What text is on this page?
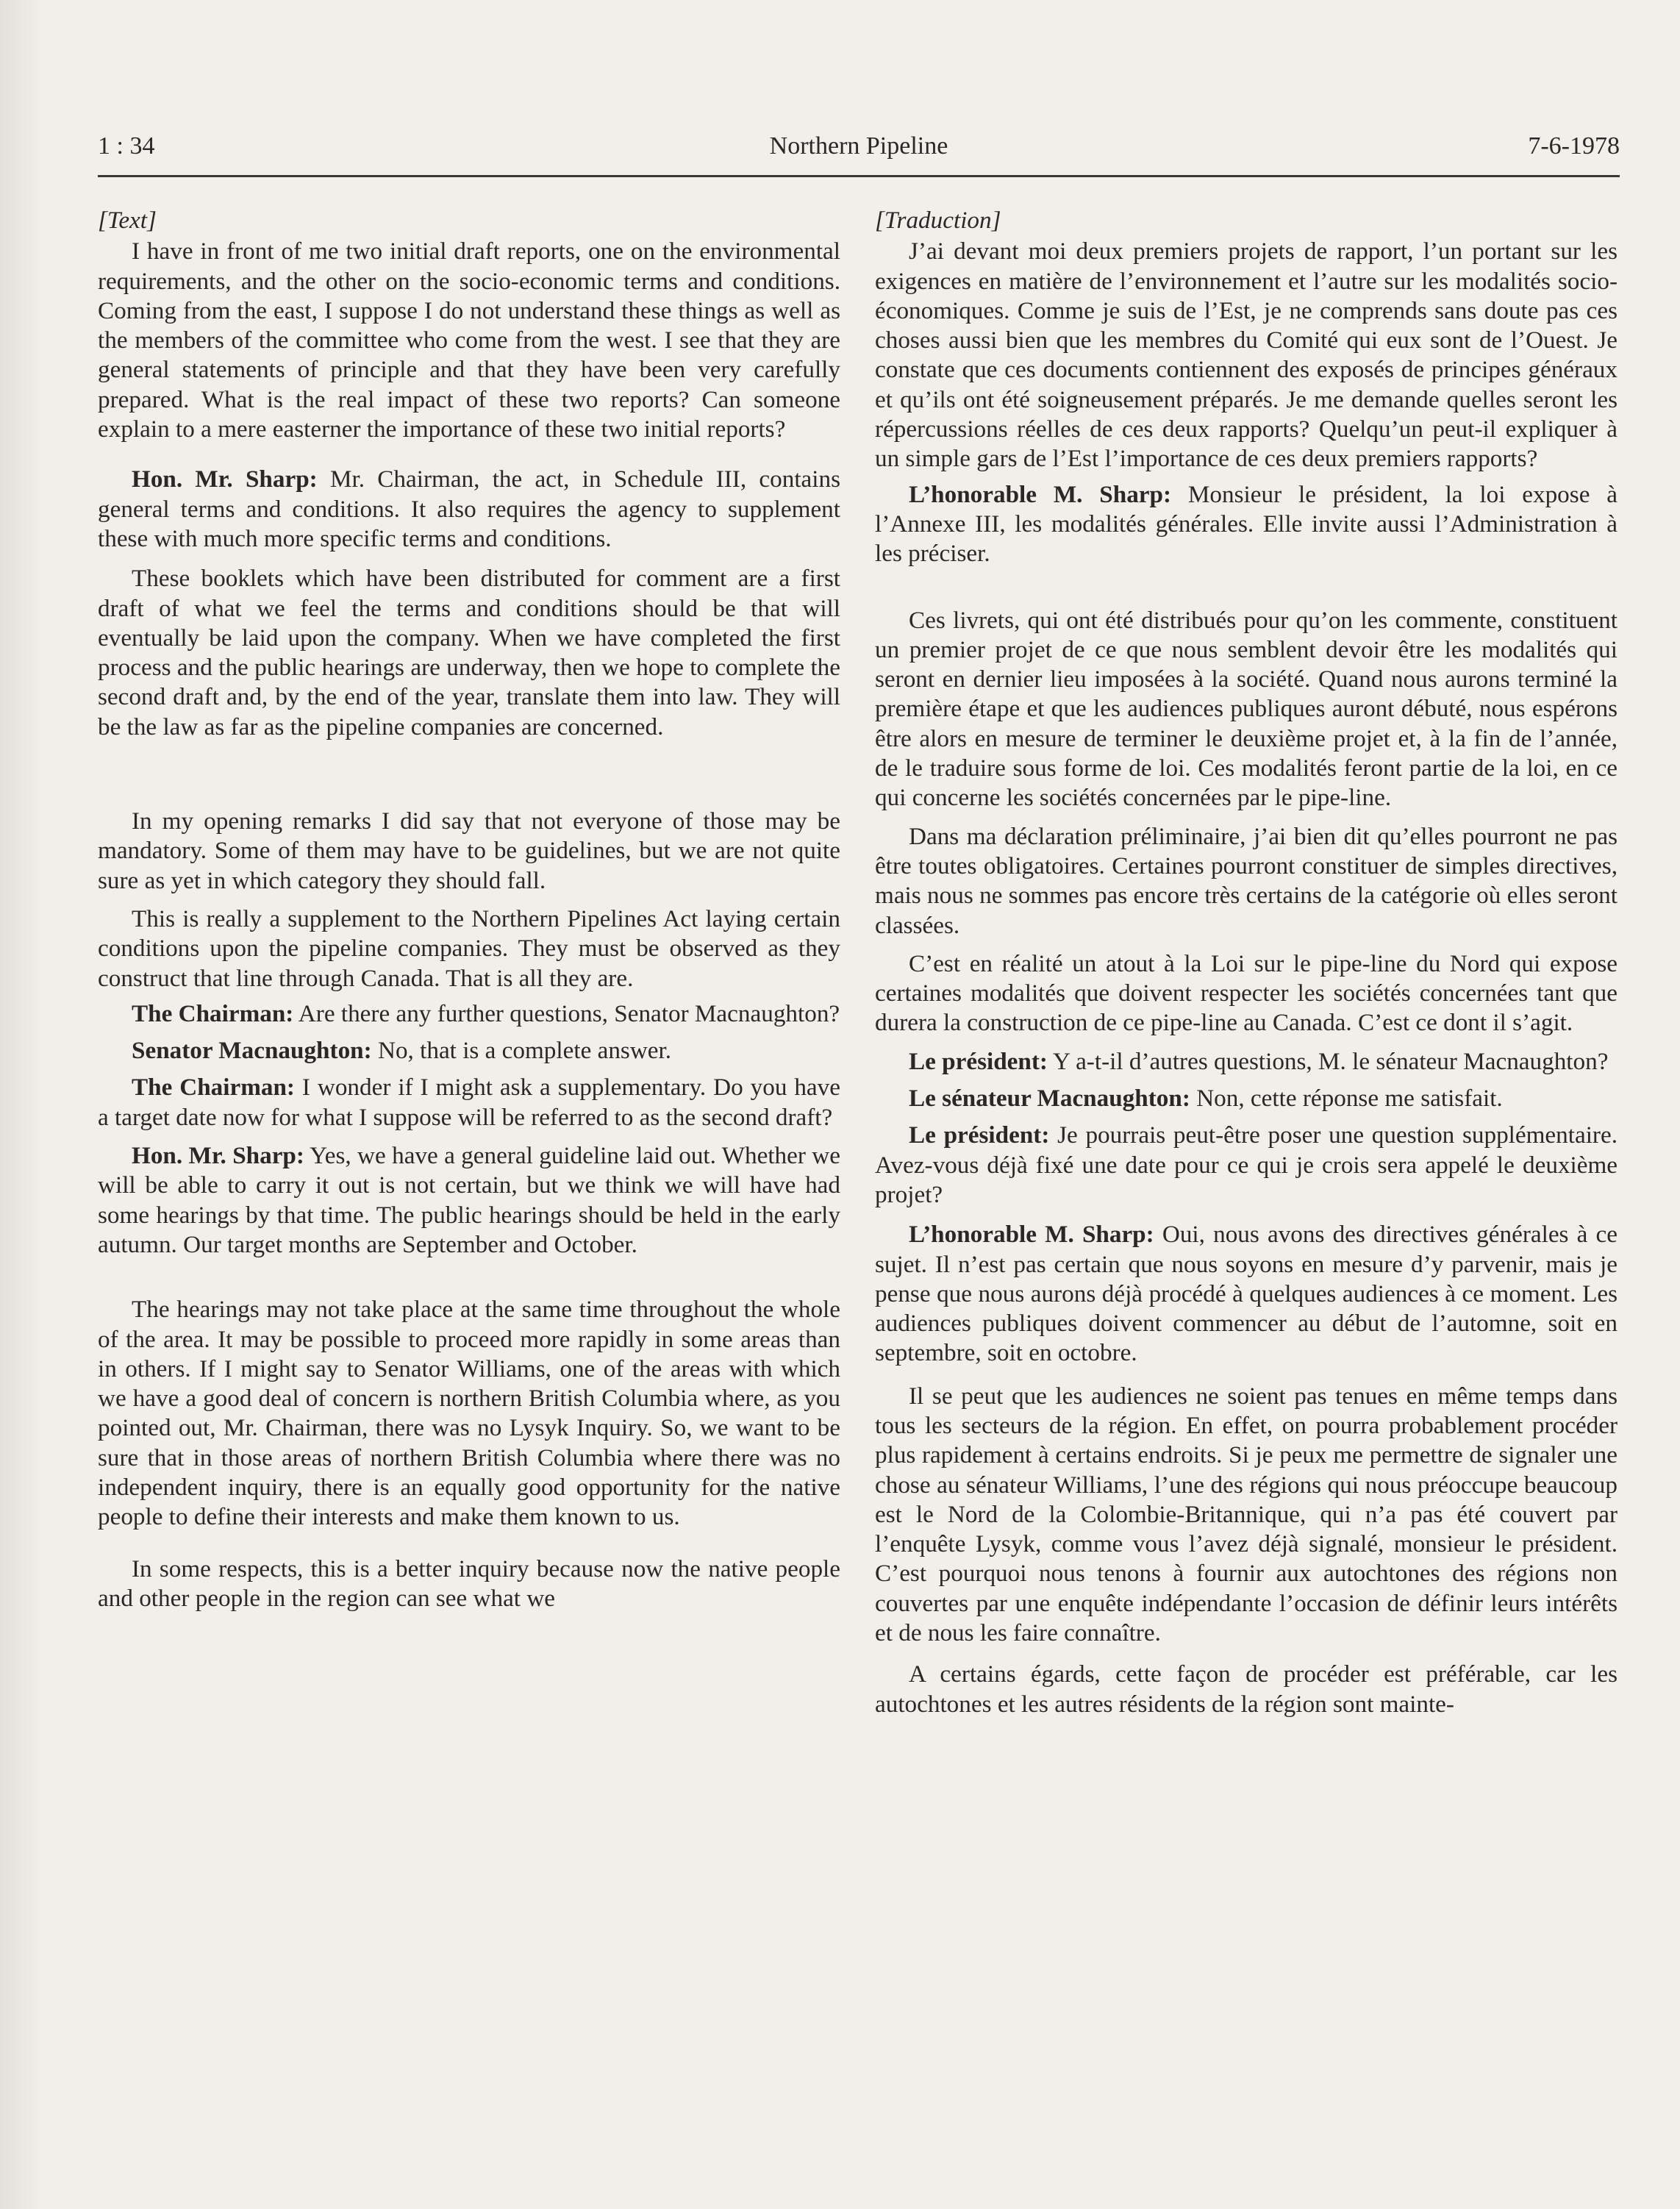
1 : 34	Northern Pipeline	7-6-1978

[Text]

I have in front of me two initial draft reports, one on the environmental requirements, and the other on the socio-economic terms and conditions. Coming from the east, I suppose I do not understand these things as well as the members of the committee who come from the west. I see that they are general statements of principle and that they have been very carefully prepared. What is the real impact of these two reports? Can someone explain to a mere easterner the importance of these two initial reports?

Hon. Mr. Sharp: Mr. Chairman, the act, in Schedule III, contains general terms and conditions. It also requires the agency to supplement these with much more specific terms and conditions.

These booklets which have been distributed for comment are a first draft of what we feel the terms and conditions should be that will eventually be laid upon the company. When we have completed the first process and the public hearings are underway, then we hope to complete the second draft and, by the end of the year, translate them into law. They will be the law as far as the pipeline companies are concerned.

In my opening remarks I did say that not everyone of those may be mandatory. Some of them may have to be guidelines, but we are not quite sure as yet in which category they should fall.

This is really a supplement to the Northern Pipelines Act laying certain conditions upon the pipeline companies. They must be observed as they construct that line through Canada. That is all they are.

The Chairman: Are there any further questions, Senator Macnaughton?

Senator Macnaughton: No, that is a complete answer.

The Chairman: I wonder if I might ask a supplementary. Do you have a target date now for what I suppose will be referred to as the second draft?

Hon. Mr. Sharp: Yes, we have a general guideline laid out. Whether we will be able to carry it out is not certain, but we think we will have had some hearings by that time. The public hearings should be held in the early autumn. Our target months are September and October.

The hearings may not take place at the same time throughout the whole of the area. It may be possible to proceed more rapidly in some areas than in others. If I might say to Senator Williams, one of the areas with which we have a good deal of concern is northern British Columbia where, as you pointed out, Mr. Chairman, there was no Lysyk Inquiry. So, we want to be sure that in those areas of northern British Columbia where there was no independent inquiry, there is an equally good opportunity for the native people to define their interests and make them known to us.

In some respects, this is a better inquiry because now the native people and other people in the region can see what we

[Traduction]

J’ai devant moi deux premiers projets de rapport, l’un portant sur les exigences en matière de l’environnement et l’autre sur les modalités socio-économiques. Comme je suis de l’Est, je ne comprends sans doute pas ces choses aussi bien que les membres du Comité qui eux sont de l’Ouest. Je constate que ces documents contiennent des exposés de principes généraux et qu’ils ont été soigneusement préparés. Je me demande quelles seront les répercussions réelles de ces deux rapports? Quelqu’un peut-il expliquer à un simple gars de l’Est l’importance de ces deux premiers rapports?

L’honorable M. Sharp: Monsieur le président, la loi expose à l’Annexe III, les modalités générales. Elle invite aussi l’Administration à les préciser.

Ces livrets, qui ont été distribués pour qu’on les commente, constituent un premier projet de ce que nous semblent devoir être les modalités qui seront en dernier lieu imposées à la société. Quand nous aurons terminé la première étape et que les audiences publiques auront débuté, nous espérons être alors en mesure de terminer le deuxième projet et, à la fin de l’année, de le traduire sous forme de loi. Ces modalités feront partie de la loi, en ce qui concerne les sociétés concernées par le pipe-line.

Dans ma déclaration préliminaire, j’ai bien dit qu’elles pourront ne pas être toutes obligatoires. Certaines pourront constituer de simples directives, mais nous ne sommes pas encore très certains de la catégorie où elles seront classées.

C’est en réalité un atout à la Loi sur le pipe-line du Nord qui expose certaines modalités que doivent respecter les sociétés concernées tant que durera la construction de ce pipe-line au Canada. C’est ce dont il s’agit.

Le président: Y a-t-il d’autres questions, M. le sénateur Macnaughton?

Le sénateur Macnaughton: Non, cette réponse me satisfait.

Le président: Je pourrais peut-être poser une question supplémentaire. Avez-vous déjà fixé une date pour ce qui je crois sera appelé le deuxième projet?

L’honorable M. Sharp: Oui, nous avons des directives générales à ce sujet. Il n’est pas certain que nous soyons en mesure d’y parvenir, mais je pense que nous aurons déjà procédé à quelques audiences à ce moment. Les audiences publiques doivent commencer au début de l’automne, soit en septembre, soit en octobre.

Il se peut que les audiences ne soient pas tenues en même temps dans tous les secteurs de la région. En effet, on pourra probablement procéder plus rapidement à certains endroits. Si je peux me permettre de signaler une chose au sénateur Williams, l’une des régions qui nous préoccupe beaucoup est le Nord de la Colombie-Britannique, qui n’a pas été couvert par l’enquête Lysyk, comme vous l’avez déjà signalé, monsieur le président. C’est pourquoi nous tenons à fournir aux autochtones des régions non couvertes par une enquête indépendante l’occasion de définir leurs intérêts et de nous les faire connaître.

A certains égards, cette façon de procéder est préférable, car les autochtones et les autres résidents de la région sont mainte-
